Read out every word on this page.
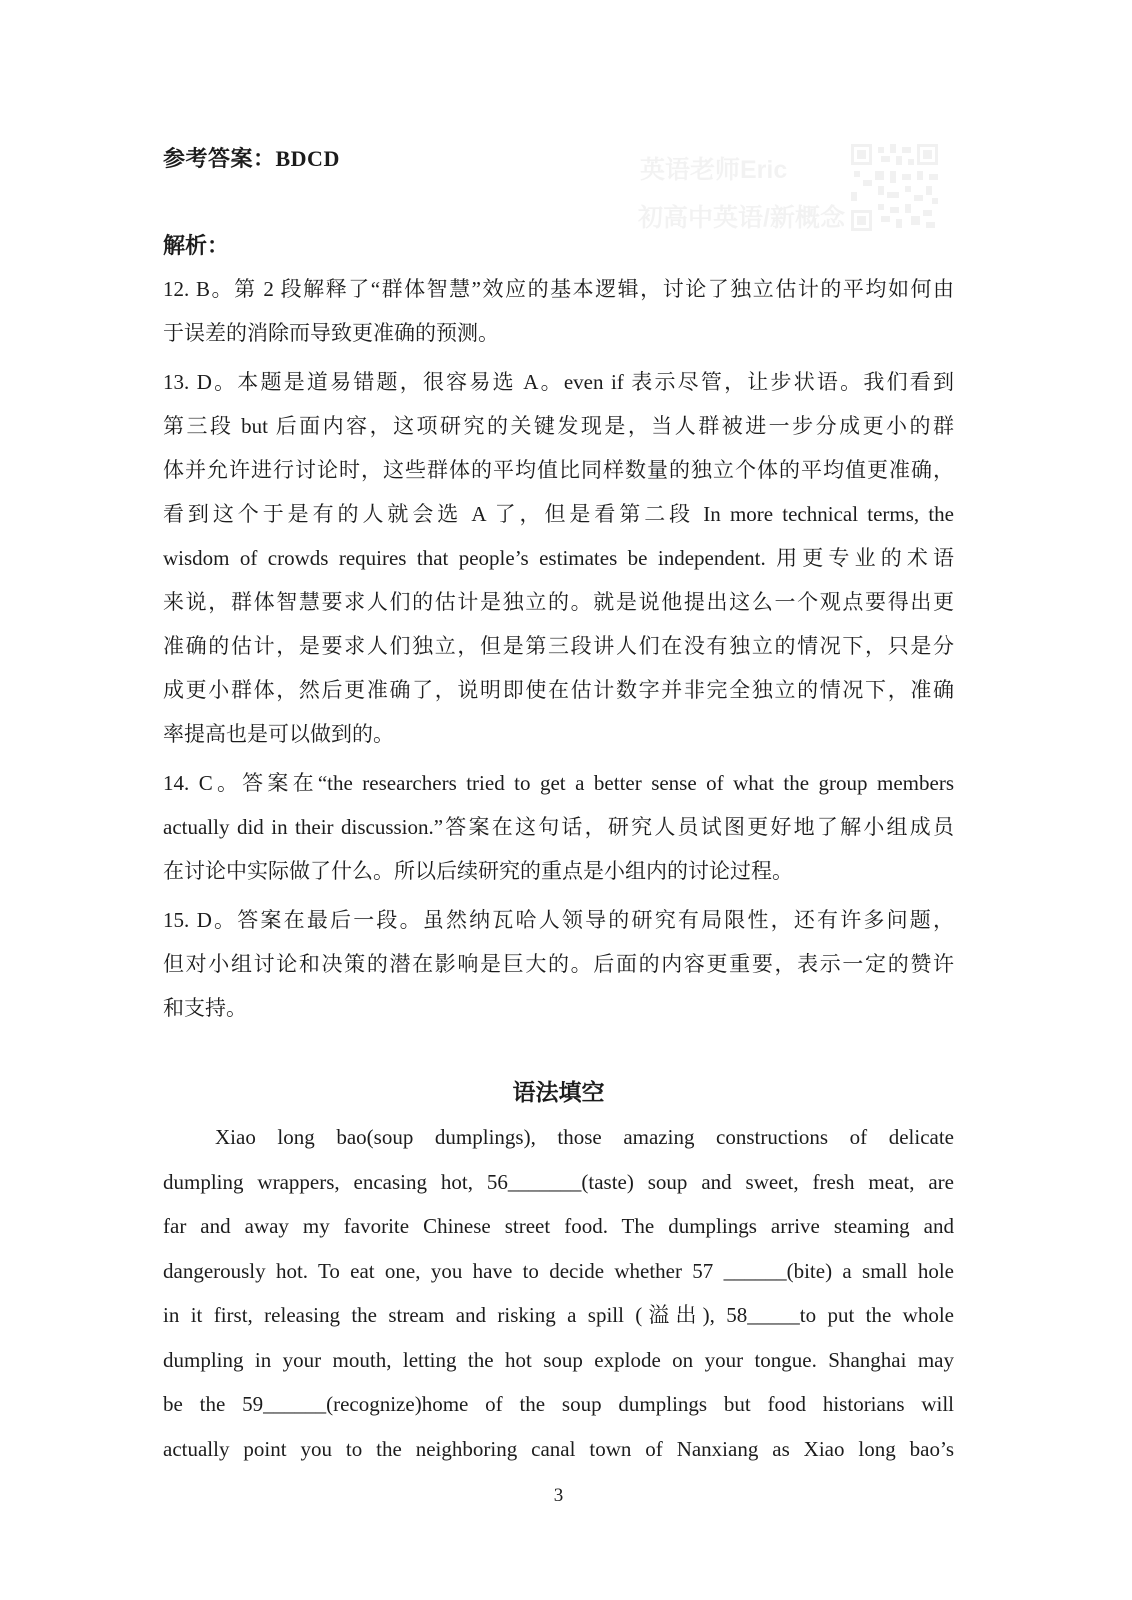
英语老师Eric
初高中英语/新概念
参考答案：BDCD
解析：
12. B。第 2 段解释了“群体智慧”效应的基本逻辑，讨论了独立估计的平均如何由
于误差的消除而导致更准确的预测。
13. D。本题是道易错题，很容易选 A。even if 表示尽管，让步状语。我们看到
第三段 but 后面内容，这项研究的关键发现是，当人群被进一步分成更小的群
体并允许进行讨论时，这些群体的平均值比同样数量的独立个体的平均值更准确，
看到这个于是有的人就会选 A 了，但是看第二段 In more technical terms, the
wisdom of crowds requires that people’s estimates be independent. 用更专业的术语
来说，群体智慧要求人们的估计是独立的。就是说他提出这么一个观点要得出更
准确的估计，是要求人们独立，但是第三段讲人们在没有独立的情况下，只是分
成更小群体，然后更准确了，说明即使在估计数字并非完全独立的情况下，准确
率提高也是可以做到的。
14. C。答案在“the researchers tried to get a better sense of what the group members
actually did in their discussion.”答案在这句话，研究人员试图更好地了解小组成员
在讨论中实际做了什么。所以后续研究的重点是小组内的讨论过程。
15. D。答案在最后一段。虽然纳瓦哈人领导的研究有局限性，还有许多问题，
但对小组讨论和决策的潜在影响是巨大的。后面的内容更重要，表示一定的赞许
和支持。
语法填空
Xiao long bao(soup dumplings), those amazing constructions of delicate
dumpling wrappers, encasing hot, 56_______(taste) soup and sweet, fresh meat, are
far and away my favorite Chinese street food. The dumplings arrive steaming and
dangerously hot. To eat one, you have to decide whether 57 ______(bite) a small hole
in it first, releasing the stream and risking a spill (溢出), 58_____to put the whole
dumpling in your mouth, letting the hot soup explode on your tongue. Shanghai may
be the 59______(recognize)home of the soup dumplings but food historians will
actually point you to the neighboring canal town of Nanxiang as Xiao long bao’s
3
